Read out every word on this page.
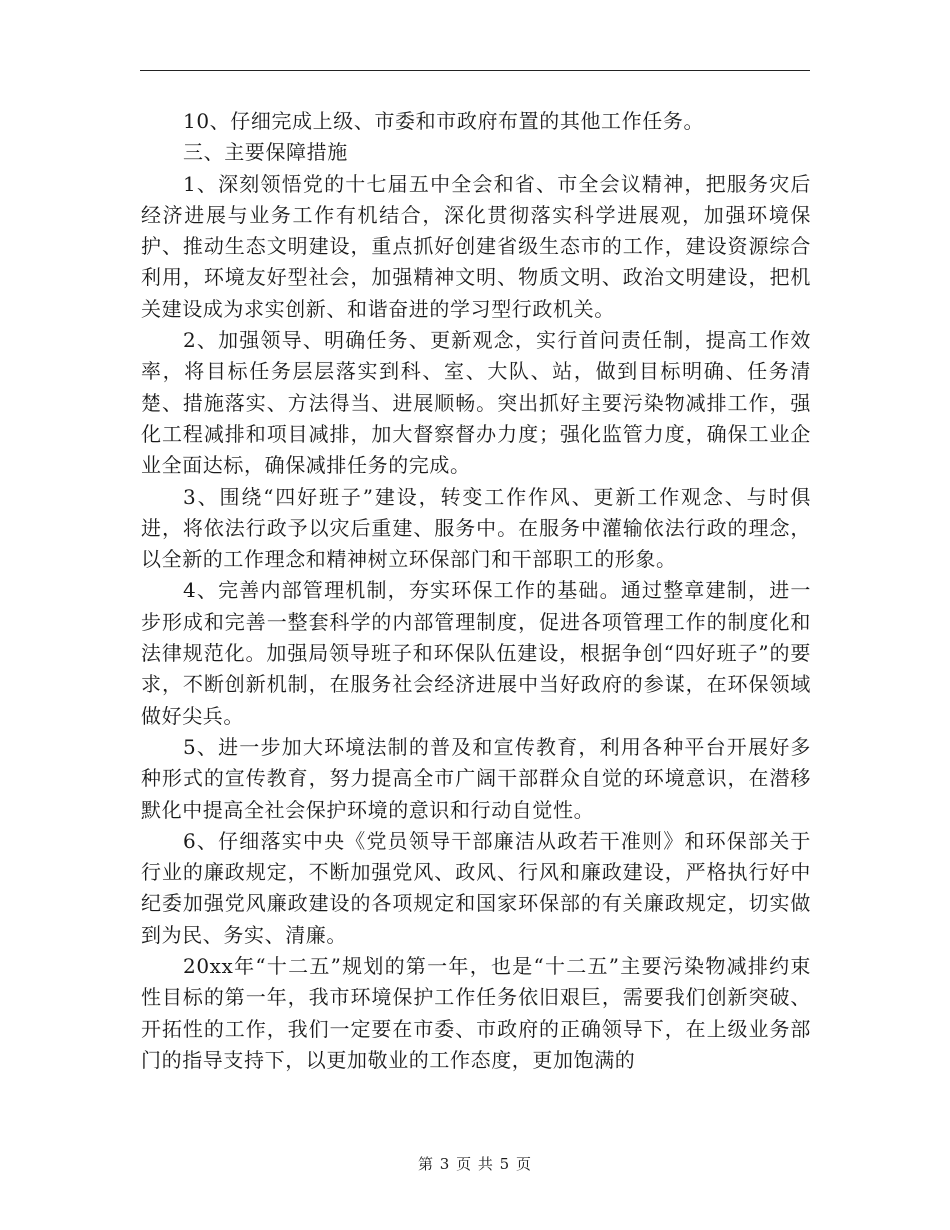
10、仔细完成上级、市委和市政府布置的其他工作任务。

三、主要保障措施

1、深刻领悟党的十七届五中全会和省、市全会议精神，把服务灾后经济进展与业务工作有机结合，深化贯彻落实科学进展观，加强环境保护、推动生态文明建设，重点抓好创建省级生态市的工作，建设资源综合利用，环境友好型社会，加强精神文明、物质文明、政治文明建设，把机关建设成为求实创新、和谐奋进的学习型行政机关。

2、加强领导、明确任务、更新观念，实行首问责任制，提高工作效率，将目标任务层层落实到科、室、大队、站，做到目标明确、任务清楚、措施落实、方法得当、进展顺畅。突出抓好主要污染物减排工作，强化工程减排和项目减排，加大督察督办力度；强化监管力度，确保工业企业全面达标，确保减排任务的完成。

3、围绕“四好班子”建设，转变工作作风、更新工作观念、与时俱进，将依法行政予以灾后重建、服务中。在服务中灌输依法行政的理念，以全新的工作理念和精神树立环保部门和干部职工的形象。

4、完善内部管理机制，夯实环保工作的基础。通过整章建制，进一步形成和完善一整套科学的内部管理制度，促进各项管理工作的制度化和法律规范化。加强局领导班子和环保队伍建设，根据争创“四好班子”的要求，不断创新机制，在服务社会经济进展中当好政府的参谋，在环保领域做好尖兵。

5、进一步加大环境法制的普及和宣传教育，利用各种平台开展好多种形式的宣传教育，努力提高全市广阔干部群众自觉的环境意识，在潜移默化中提高全社会保护环境的意识和行动自觉性。

6、仔细落实中央《党员领导干部廉洁从政若干准则》和环保部关于行业的廉政规定，不断加强党风、政风、行风和廉政建设，严格执行好中纪委加强党风廉政建设的各项规定和国家环保部的有关廉政规定，切实做到为民、务实、清廉。

20xx年“十二五”规划的第一年，也是“十二五”主要污染物减排约束性目标的第一年，我市环境保护工作任务依旧艰巨，需要我们创新突破、开拓性的工作，我们一定要在市委、市政府的正确领导下，在上级业务部门的指导支持下，以更加敬业的工作态度，更加饱满的

第 3 页 共 5 页
